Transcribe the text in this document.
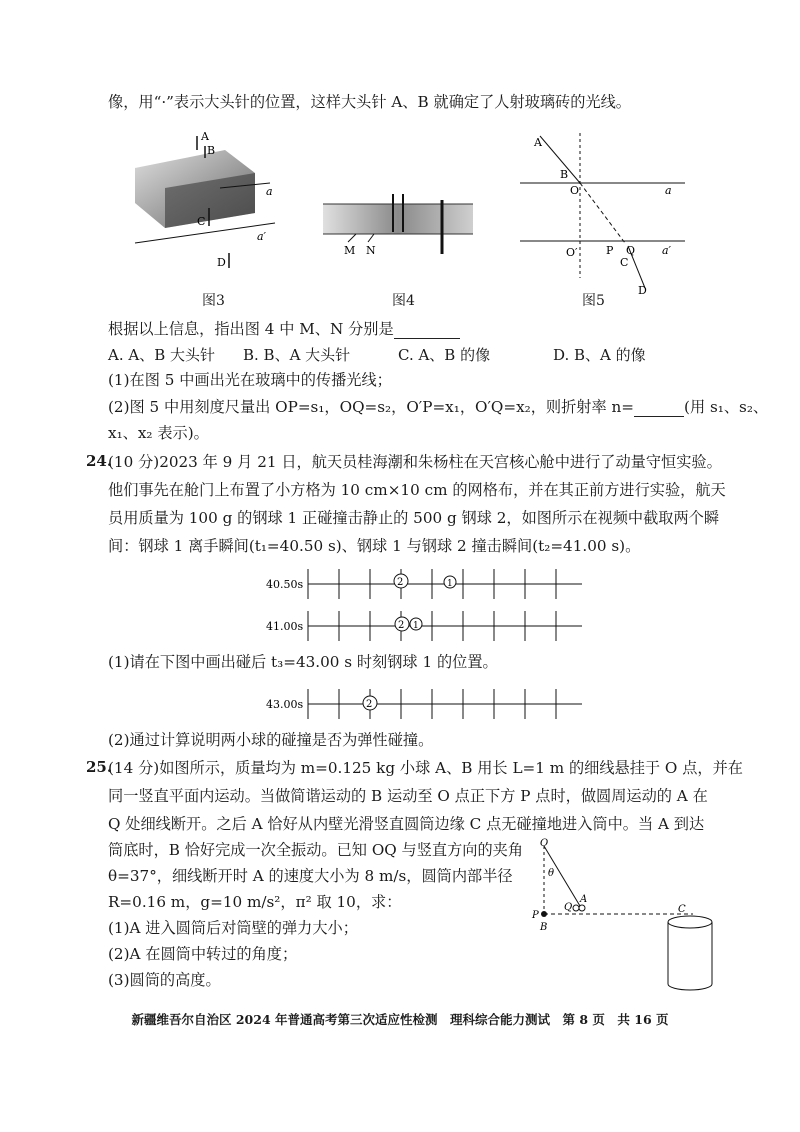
像，用“·”表示大头针的位置，这样大头针 A、B 就确定了人射玻璃砖的光线。
A
B
C
D
a
a′
图3
M N
图4
A
B
O	a
O′	P Q
C
a′
D
图5
根据以上信息，指出图 4 中 M、N 分别是
A. A、B 大头针 B. B、A 大头针	C. A、B 的像	D. B、A 的像
(1)在图 5 中画出光在玻璃中的传播光线；
(2)图 5 中用刻度尺量出 OP=s₁，OQ=s₂，O′P=x₁，O′Q=x₂，则折射率 n=	(用 s₁、s₂、
x₁、x₂ 表示)。
24.
(10 分)2023 年 9 月 21 日，航天员桂海潮和朱杨柱在天宫核心舱中进行了动量守恒实验。
他们事先在舱门上布置了小方格为 10 cm×10 cm 的网格布，并在其正前方进行实验，航天
员用质量为 100 g 的钢球 1 正碰撞击静止的 500 g 钢球 2，如图所示在视频中截取两个瞬
间：钢球 1 离手瞬间(t₁=40.50 s)、钢球 1 与钢球 2 撞击瞬间(t₂=41.00 s)。
40.50s	2	1
41.00s	2 1
(1)请在下图中画出碰后 t₃=43.00 s 时刻钢球 1 的位置。
43.00s	2
(2)通过计算说明两小球的碰撞是否为弹性碰撞。
25.
(14 分)如图所示，质量均为 m=0.125 kg 小球 A、B 用长 L=1 m 的细线悬挂于 O 点，并在
同一竖直平面内运动。当做简谐运动的 B 运动至 O 点正下方 P 点时，做圆周运动的 A 在
Q 处细线断开。之后 A 恰好从内壁光滑竖直圆筒边缘 C 点无碰撞地进入筒中。当 A 到达
筒底时，B 恰好完成一次全振动。已知 OQ 与竖直方向的夹角
θ=37°，细线断开时 A 的速度大小为 8 m/s，圆筒内部半径
R=0.16 m，g=10 m/s²，π² 取 10，求：
(1)A 进入圆筒后对筒壁的弹力大小；
(2)A 在圆筒中转过的角度；
(3)圆筒的高度。
O
θ
A
Q
P
B
C
新疆维吾尔自治区 2024 年普通高考第三次适应性检测　理科综合能力测试　第 8 页　共 16 页
